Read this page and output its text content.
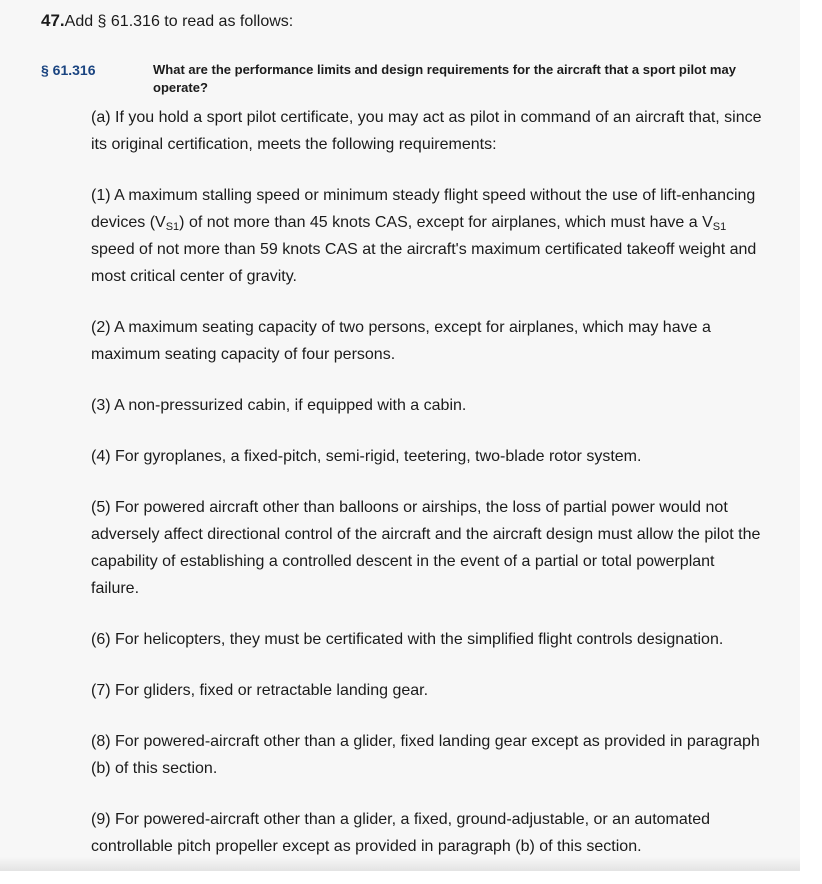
47.Add § 61.316 to read as follows:
§ 61.316	What are the performance limits and design requirements for the aircraft that a sport pilot may operate?

(a) If you hold a sport pilot certificate, you may act as pilot in command of an aircraft that, since its original certification, meets the following requirements:

(1) A maximum stalling speed or minimum steady flight speed without the use of lift-enhancing devices $(V_{S1})$ of not more than 45 knots CAS, except for airplanes, which must have a $V_{S1}$ speed of not more than 59 knots CAS at the aircraft's maximum certificated takeoff weight and most critical center of gravity.

(2) A maximum seating capacity of two persons, except for airplanes, which may have a maximum seating capacity of four persons.

(3) A non-pressurized cabin, if equipped with a cabin.

(4) For gyroplanes, a fixed-pitch, semi-rigid, teetering, two-blade rotor system.

(5) For powered aircraft other than balloons or airships, the loss of partial power would not adversely affect directional control of the aircraft and the aircraft design must allow the pilot the capability of establishing a controlled descent in the event of a partial or total powerplant failure.

(6) For helicopters, they must be certificated with the simplified flight controls designation.

(7) For gliders, fixed or retractable landing gear.

(8) For powered-aircraft other than a glider, fixed landing gear except as provided in paragraph (b) of this section.

(9) For powered-aircraft other than a glider, a fixed, ground-adjustable, or an automated controllable pitch propeller except as provided in paragraph (b) of this section.
